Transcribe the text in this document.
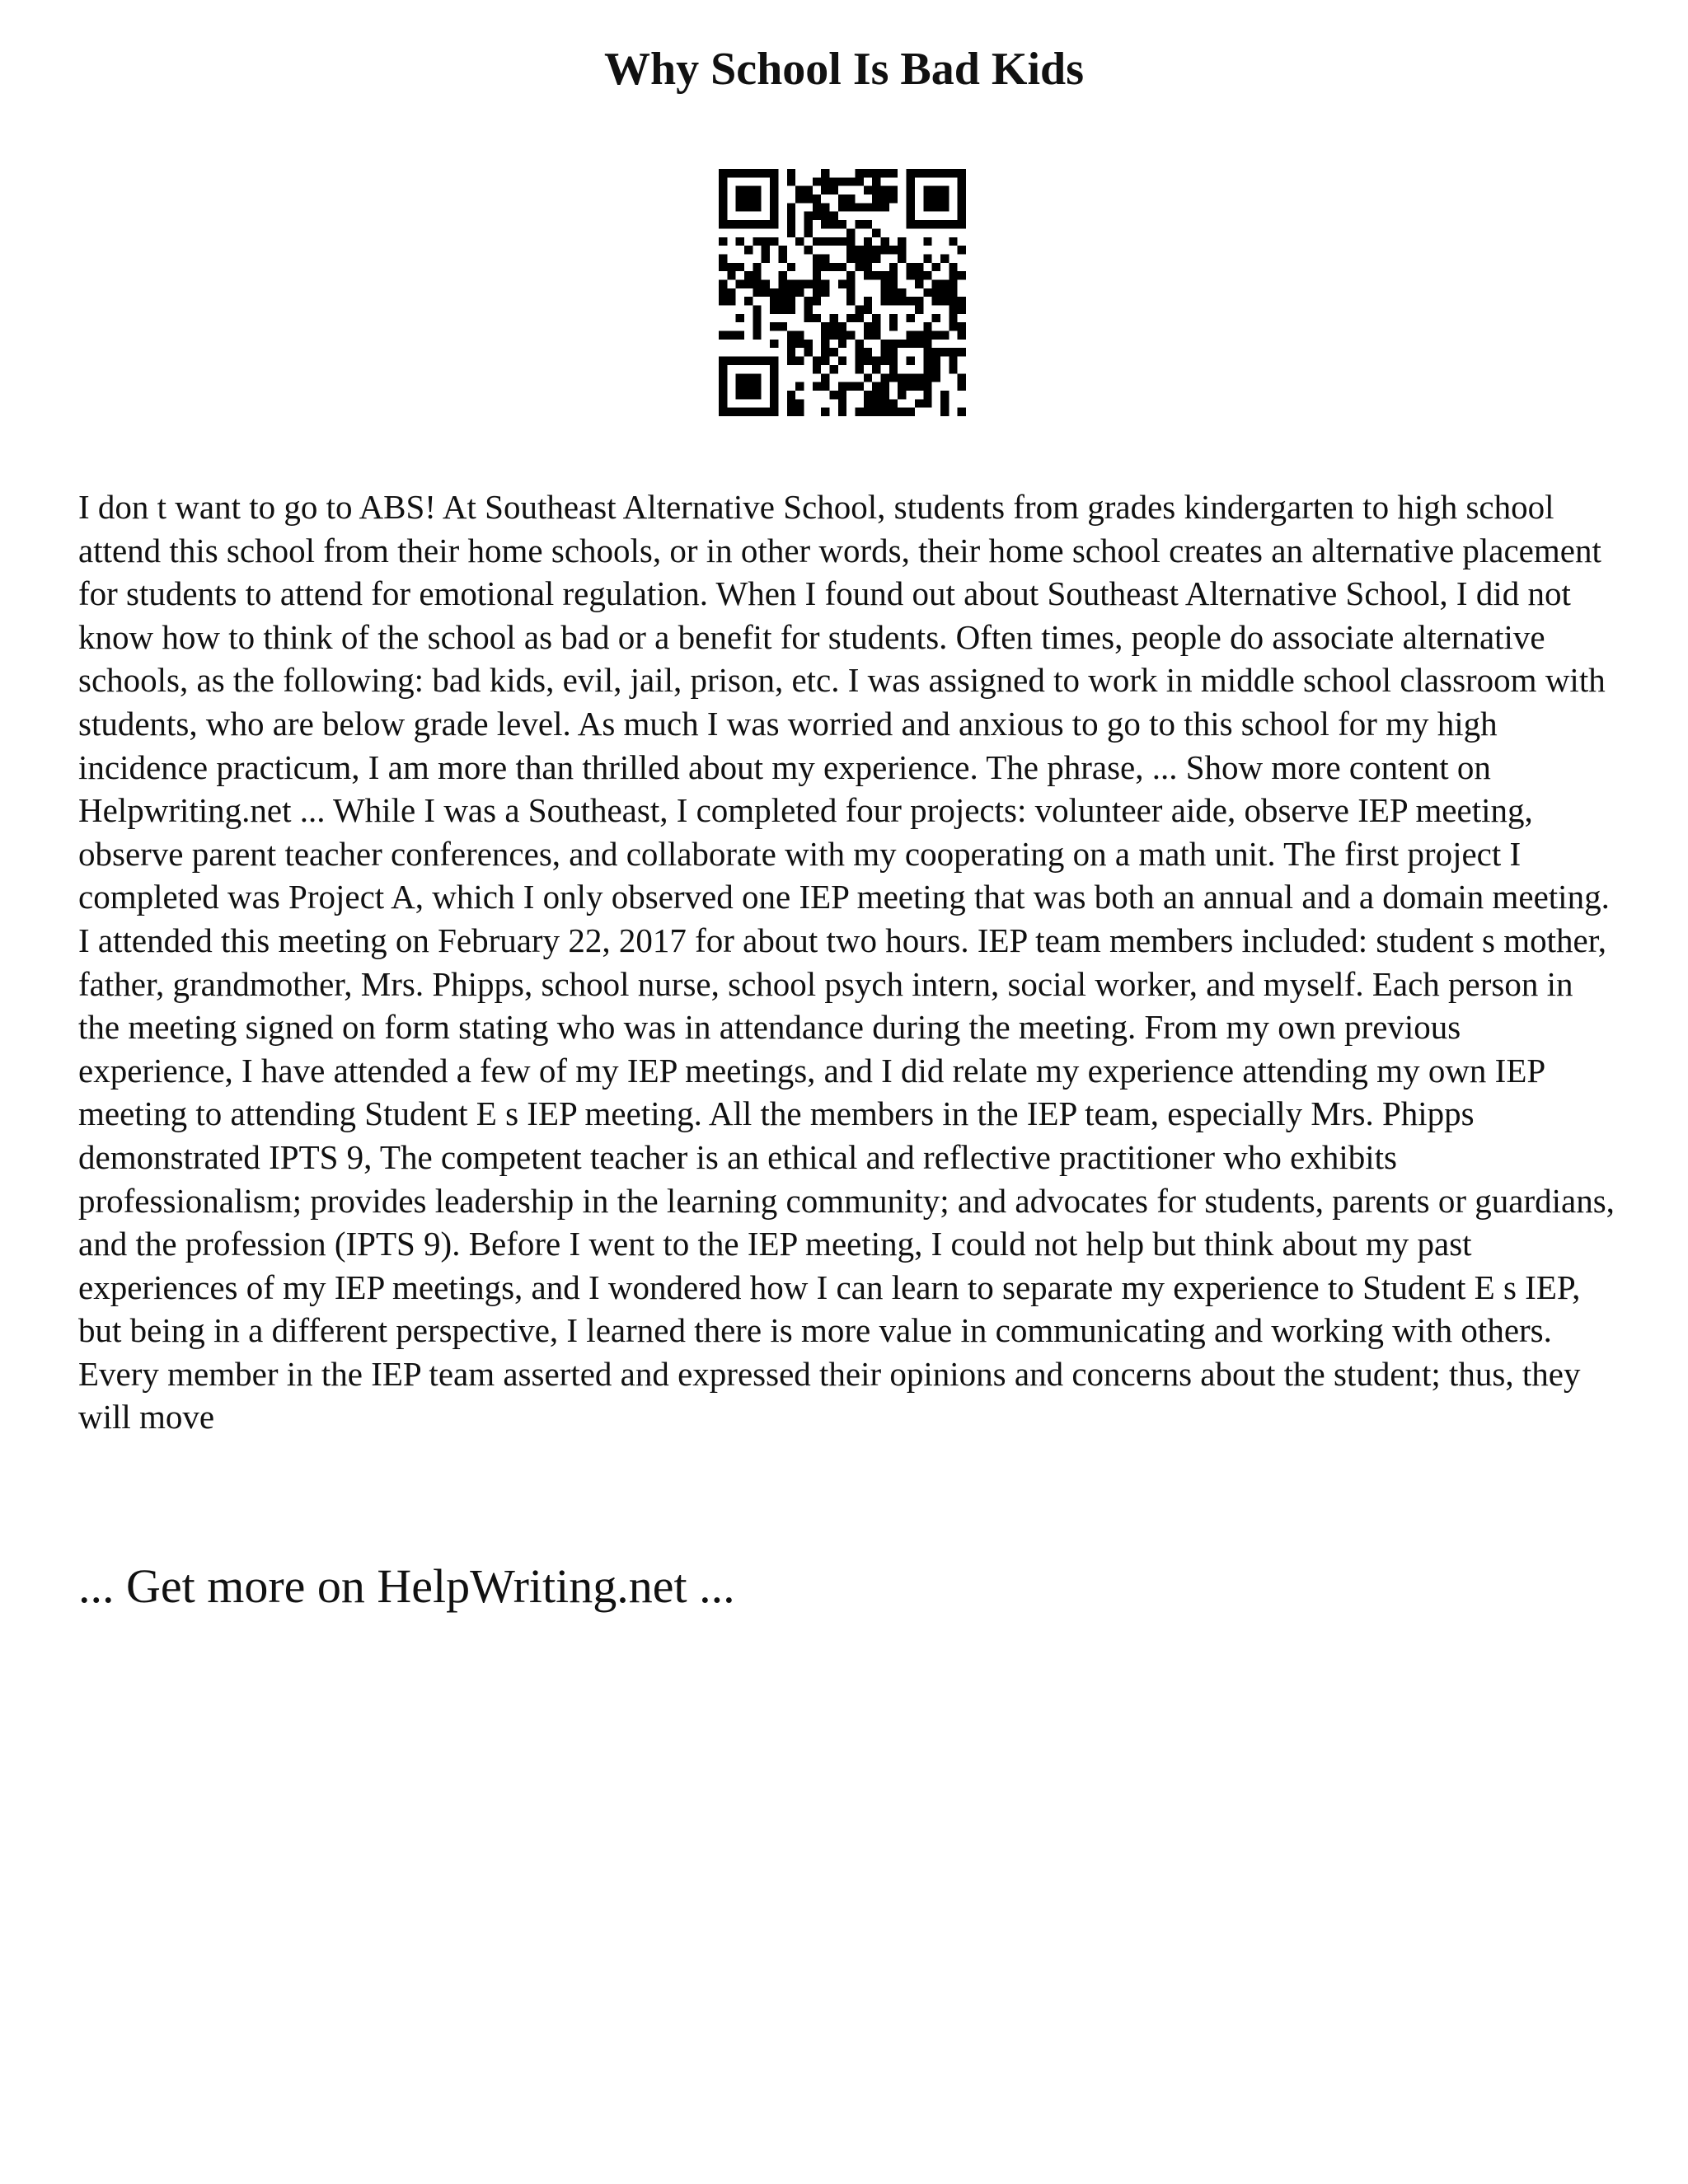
Why School Is Bad Kids

I don t want to go to ABS! At Southeast Alternative School, students from grades kindergarten to high school attend this school from their home schools, or in other words, their home school creates an alternative placement for students to attend for emotional regulation. When I found out about Southeast Alternative School, I did not know how to think of the school as bad or a benefit for students. Often times, people do associate alternative schools, as the following: bad kids, evil, jail, prison, etc. I was assigned to work in middle school classroom with students, who are below grade level. As much I was worried and anxious to go to this school for my high incidence practicum, I am more than thrilled about my experience. The phrase, ... Show more content on Helpwriting.net ... While I was a Southeast, I completed four projects: volunteer aide, observe IEP meeting, observe parent teacher conferences, and collaborate with my cooperating on a math unit. The first project I completed was Project A, which I only observed one IEP meeting that was both an annual and a domain meeting. I attended this meeting on February 22, 2017 for about two hours. IEP team members included: student s mother, father, grandmother, Mrs. Phipps, school nurse, school psych intern, social worker, and myself. Each person in the meeting signed on form stating who was in attendance during the meeting. From my own previous experience, I have attended a few of my IEP meetings, and I did relate my experience attending my own IEP meeting to attending Student E s IEP meeting. All the members in the IEP team, especially Mrs. Phipps demonstrated IPTS 9, The competent teacher is an ethical and reflective practitioner who exhibits professionalism; provides leadership in the learning community; and advocates for students, parents or guardians, and the profession (IPTS 9). Before I went to the IEP meeting, I could not help but think about my past experiences of my IEP meetings, and I wondered how I can learn to separate my experience to Student E s IEP, but being in a different perspective, I learned there is more value in communicating and working with others. Every member in the IEP team asserted and expressed their opinions and concerns about the student; thus, they will move

... Get more on HelpWriting.net ...
